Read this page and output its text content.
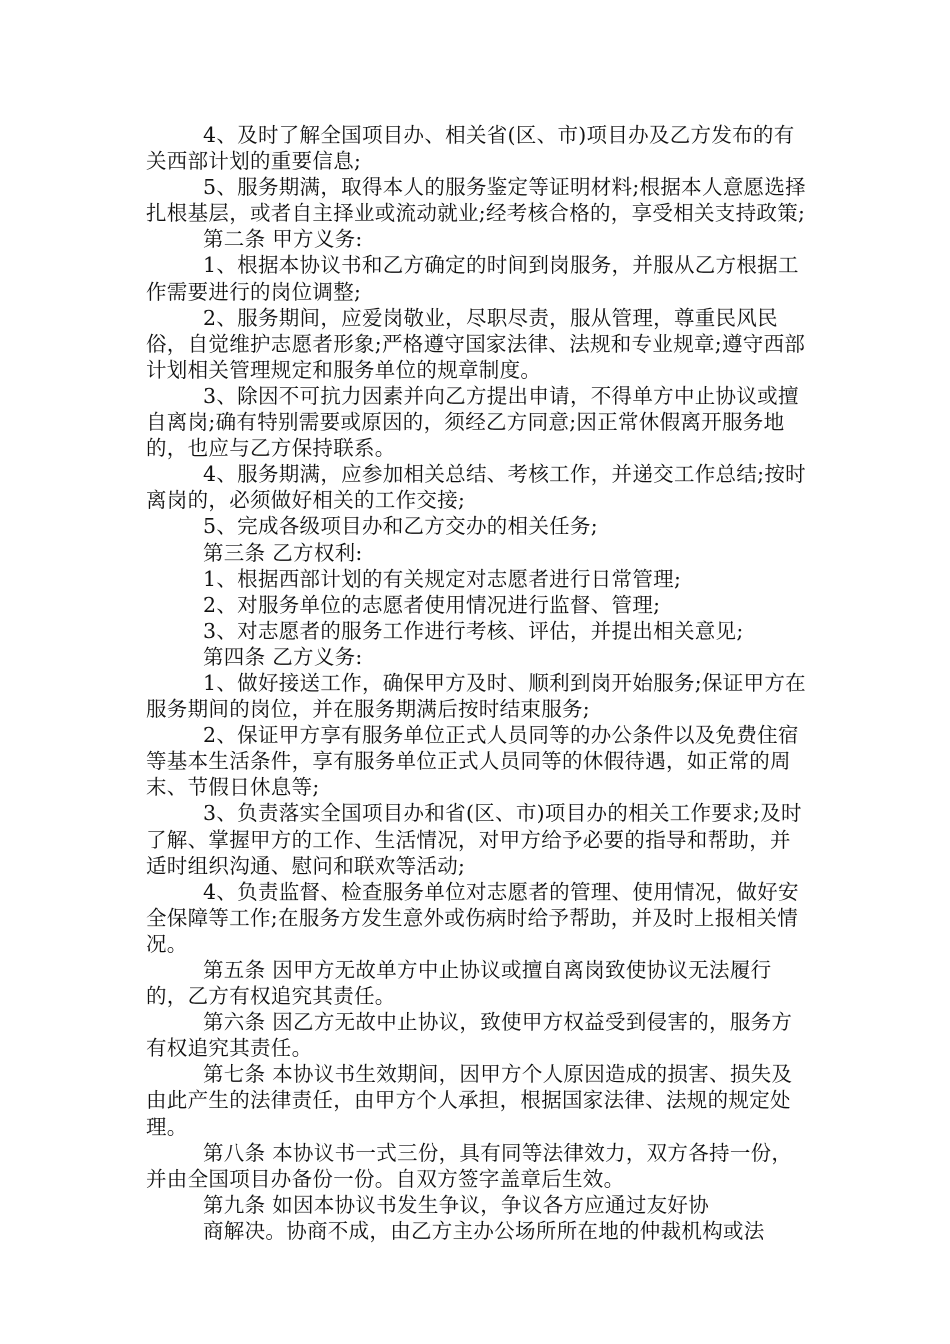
4、及时了解全国项目办、相关省(区、市)项目办及乙方发布的有关西部计划的重要信息;

5、服务期满，取得本人的服务鉴定等证明材料;根据本人意愿选择扎根基层，或者自主择业或流动就业;经考核合格的，享受相关支持政策;

第二条 甲方义务:

1、根据本协议书和乙方确定的时间到岗服务，并服从乙方根据工作需要进行的岗位调整;

2、服务期间，应爱岗敬业，尽职尽责，服从管理，尊重民风民俗，自觉维护志愿者形象;严格遵守国家法律、法规和专业规章;遵守西部计划相关管理规定和服务单位的规章制度。

3、除因不可抗力因素并向乙方提出申请，不得单方中止协议或擅自离岗;确有特别需要或原因的，须经乙方同意;因正常休假离开服务地的，也应与乙方保持联系。

4、服务期满，应参加相关总结、考核工作，并递交工作总结;按时离岗的，必须做好相关的工作交接;

5、完成各级项目办和乙方交办的相关任务;

第三条 乙方权利:

1、根据西部计划的有关规定对志愿者进行日常管理;

2、对服务单位的志愿者使用情况进行监督、管理;

3、对志愿者的服务工作进行考核、评估，并提出相关意见;

第四条 乙方义务:

1、做好接送工作，确保甲方及时、顺利到岗开始服务;保证甲方在服务期间的岗位，并在服务期满后按时结束服务;

2、保证甲方享有服务单位正式人员同等的办公条件以及免费住宿等基本生活条件，享有服务单位正式人员同等的休假待遇，如正常的周末、节假日休息等;

3、负责落实全国项目办和省(区、市)项目办的相关工作要求;及时了解、掌握甲方的工作、生活情况，对甲方给予必要的指导和帮助，并适时组织沟通、慰问和联欢等活动;

4、负责监督、检查服务单位对志愿者的管理、使用情况，做好安全保障等工作;在服务方发生意外或伤病时给予帮助，并及时上报相关情况。

第五条 因甲方无故单方中止协议或擅自离岗致使协议无法履行的，乙方有权追究其责任。

第六条 因乙方无故中止协议，致使甲方权益受到侵害的，服务方有权追究其责任。

第七条 本协议书生效期间，因甲方个人原因造成的损害、损失及由此产生的法律责任，由甲方个人承担，根据国家法律、法规的规定处理。

第八条 本协议书一式三份，具有同等法律效力，双方各持一份，并由全国项目办备份一份。自双方签字盖章后生效。

第九条 如因本协议书发生争议，争议各方应通过友好协

商解决。协商不成，由乙方主办公场所所在地的仲裁机构或法
